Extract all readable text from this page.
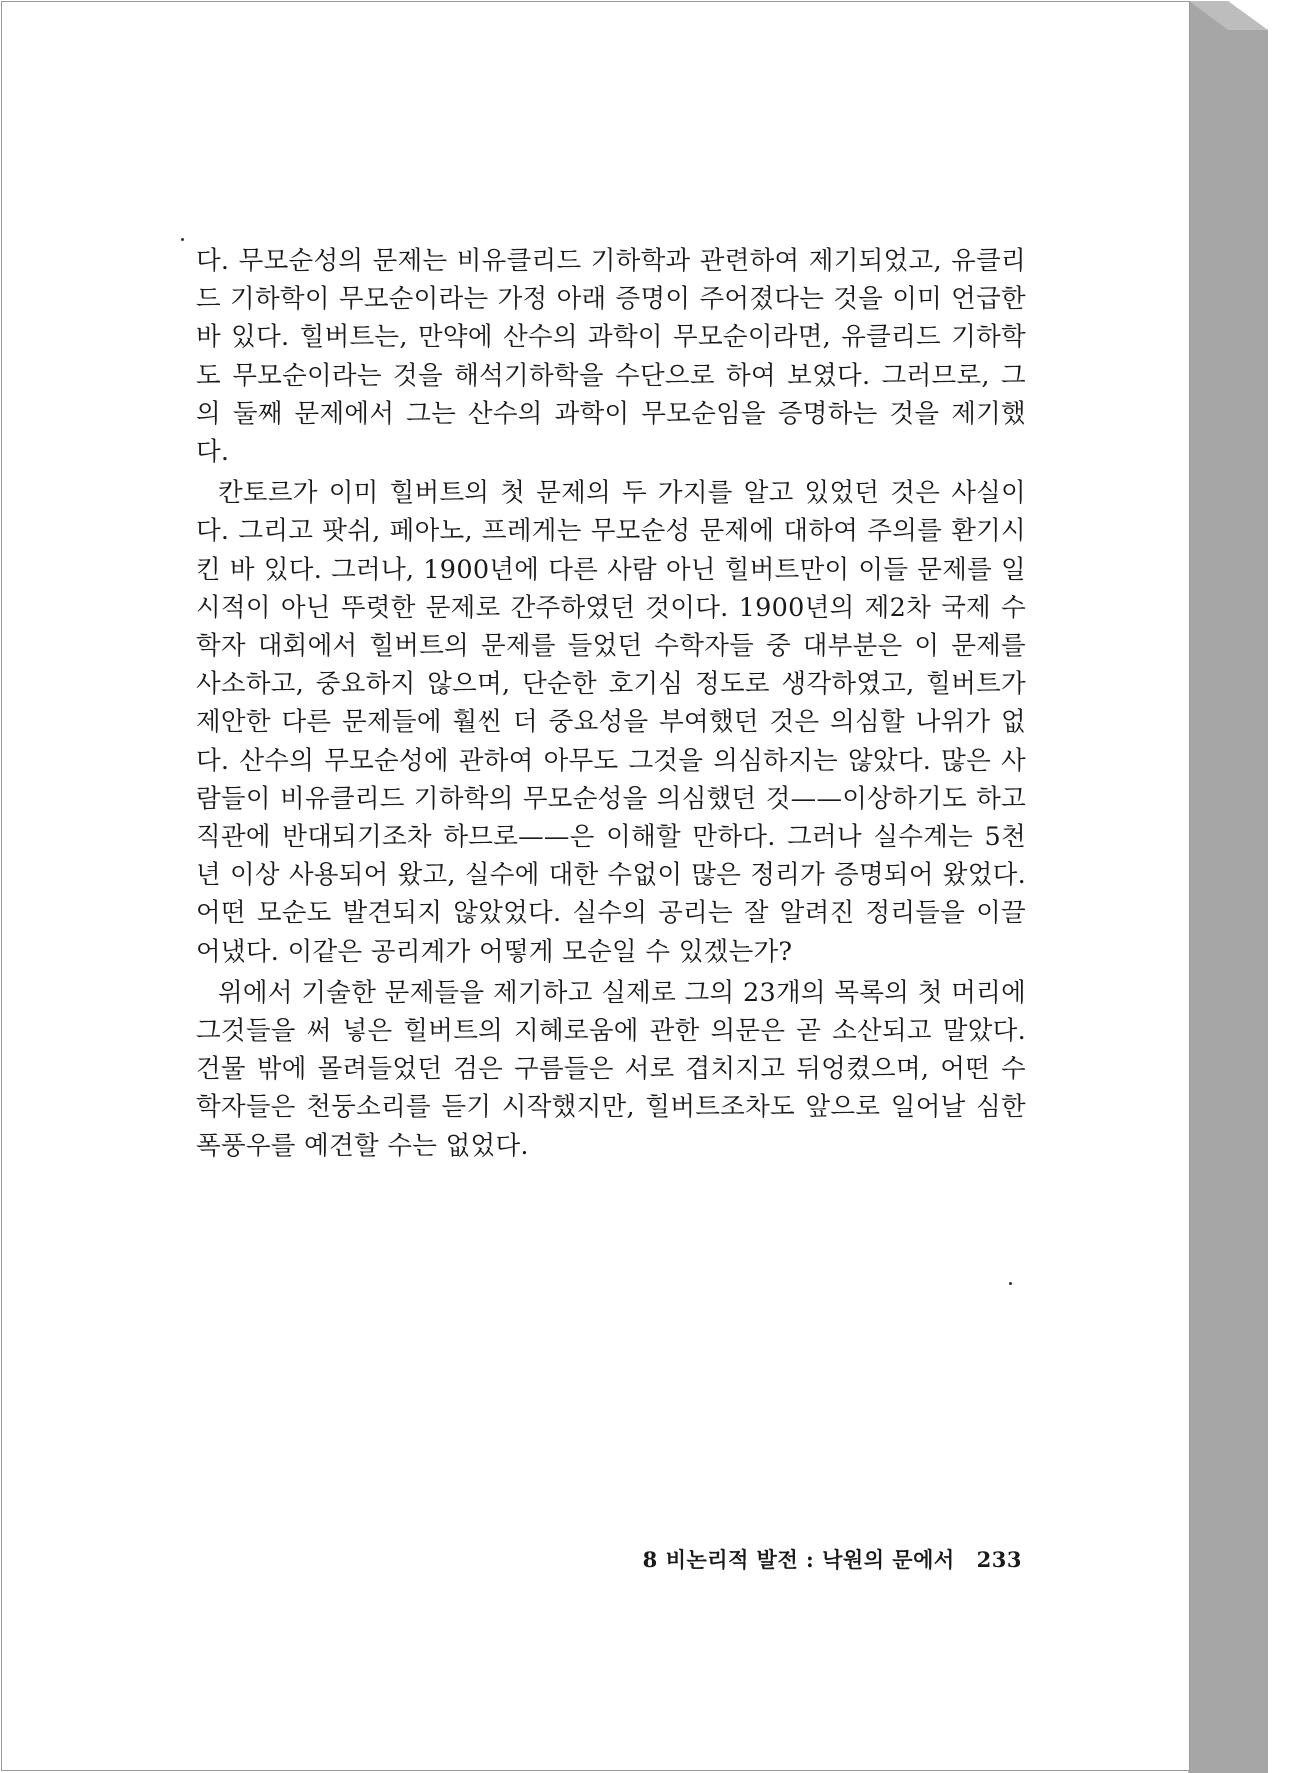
다. 무모순성의 문제는 비유클리드 기하학과 관련하여 제기되었고, 유클리드 기하학이 무모순이라는 가정 아래 증명이 주어졌다는 것을 이미 언급한 바 있다. 힐버트는, 만약에 산수의 과학이 무모순이라면, 유클리드 기하학도 무모순이라는 것을 해석기하학을 수단으로 하여 보였다. 그러므로, 그의 둘째 문제에서 그는 산수의 과학이 무모순임을 증명하는 것을 제기했다.

칸토르가 이미 힐버트의 첫 문제의 두 가지를 알고 있었던 것은 사실이다. 그리고 팟쉬, 페아노, 프레게는 무모순성 문제에 대하여 주의를 환기시킨 바 있다. 그러나, 1900년에 다른 사람 아닌 힐버트만이 이들 문제를 일시적이 아닌 뚜렷한 문제로 간주하였던 것이다. 1900년의 제2차 국제 수학자 대회에서 힐버트의 문제를 들었던 수학자들 중 대부분은 이 문제를 사소하고, 중요하지 않으며, 단순한 호기심 정도로 생각하였고, 힐버트가 제안한 다른 문제들에 훨씬 더 중요성을 부여했던 것은 의심할 나위가 없다. 산수의 무모순성에 관하여 아무도 그것을 의심하지는 않았다. 많은 사람들이 비유클리드 기하학의 무모순성을 의심했던 것——이상하기도 하고 직관에 반대되기조차 하므로——은 이해할 만하다. 그러나 실수계는 5천년 이상 사용되어 왔고, 실수에 대한 수없이 많은 정리가 증명되어 왔었다. 어떤 모순도 발견되지 않았었다. 실수의 공리는 잘 알려진 정리들을 이끌어냈다. 이같은 공리계가 어떻게 모순일 수 있겠는가?

위에서 기술한 문제들을 제기하고 실제로 그의 23개의 목록의 첫 머리에 그것들을 써 넣은 힐버트의 지혜로움에 관한 의문은 곧 소산되고 말았다. 건물 밖에 몰려들었던 검은 구름들은 서로 겹치지고 뒤엉켰으며, 어떤 수학자들은 천둥소리를 듣기 시작했지만, 힐버트조차도 앞으로 일어날 심한 폭풍우를 예견할 수는 없었다.

8 비논리적 발전 : 낙원의 문에서 233
